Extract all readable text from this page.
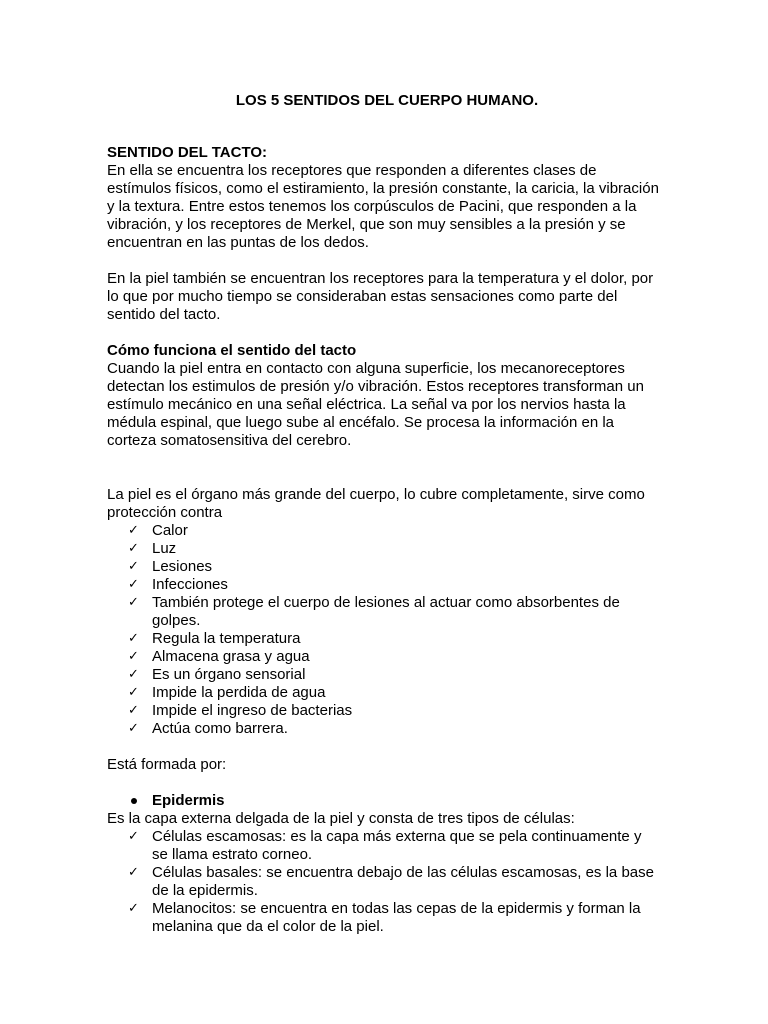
LOS 5 SENTIDOS DEL CUERPO HUMANO.
SENTIDO DEL TACTO:

En ella se encuentra los receptores que responden a diferentes clases de
estímulos físicos, como el estiramiento, la presión constante, la caricia, la vibración
y la textura. Entre estos tenemos los corpúsculos de Pacini, que responden a la
vibración, y los receptores de Merkel, que son muy sensibles a la presión y se
encuentran en las puntas de los dedos.

En la piel también se encuentran los receptores para la temperatura y el dolor, por
lo que por mucho tiempo se consideraban estas sensaciones como parte del
sentido del tacto.

Cómo funciona el sentido del tacto

Cuando la piel entra en contacto con alguna superficie, los mecanoreceptores
detectan los estimulos de presión y/o vibración. Estos receptores transforman un
estímulo mecánico en una señal eléctrica. La señal va por los nervios hasta la
médula espinal, que luego sube al encéfalo. Se procesa la información en la
corteza somatosensitiva del cerebro.

La piel es el órgano más grande del cuerpo, lo cubre completamente, sirve como
protección contra

✓ Calor
✓ Luz
✓ Lesiones
✓ Infecciones
✓ También protege el cuerpo de lesiones al actuar como absorbentes de
golpes.
✓ Regula la temperatura
✓ Almacena grasa y agua
✓ Es un órgano sensorial
✓ Impide la perdida de agua
✓ Impide el ingreso de bacterias
✓ Actúa como barrera.

Está formada por:

Epidermis

Es la capa externa delgada de la piel y consta de tres tipos de células:

✓ Células escamosas: es la capa más externa que se pela continuamente y
se llama estrato corneo.
✓ Células basales: se encuentra debajo de las células escamosas, es la base
de la epidermis.
✓ Melanocitos: se encuentra en todas las cepas de la epidermis y forman la
melanina que da el color de la piel.
